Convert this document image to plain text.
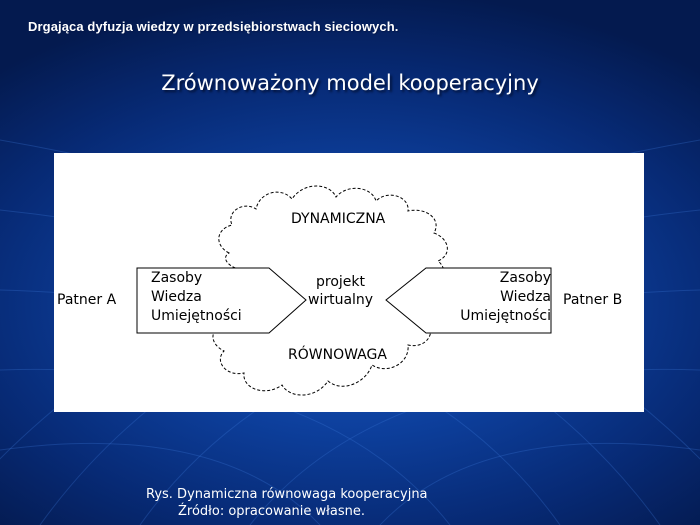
Drgająca dyfuzja wiedzy w przedsiębiorstwach sieciowych.
Zrównoważony model kooperacyjny
DYNAMICZNA
projekt
wirtualny
RÓWNOWAGA
Patner A	Patner B
Zasoby
Wiedza
Umiejętności
Zasoby
Wiedza
Umiejętności
Rys. Dynamiczna równowaga kooperacyjna
Źródło: opracowanie własne.
